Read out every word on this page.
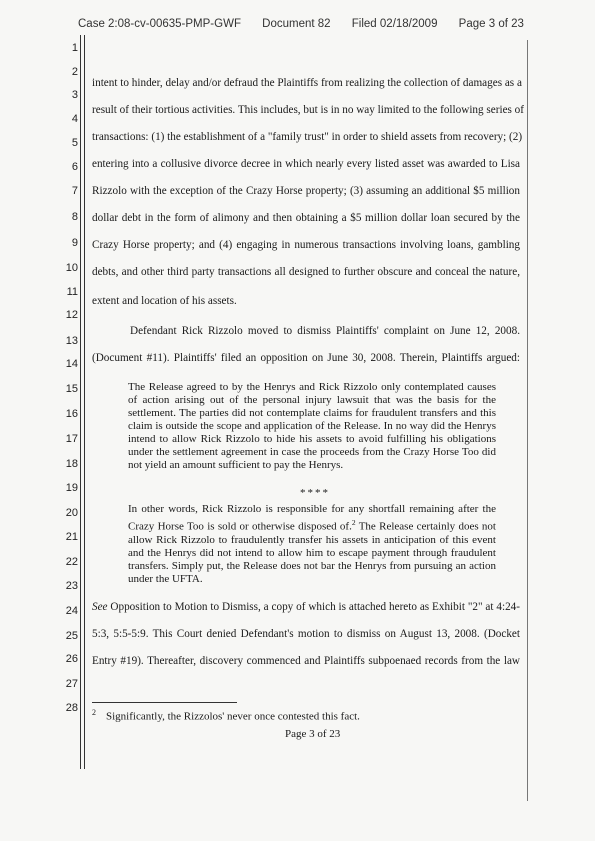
Case 2:08-cv-00635-PMP-GWF Document 82 Filed 02/18/2009 Page 3 of 23
1
2
3
4
5
6
7
8
9
10
11
12
13
14
15
16
17
18
19
20
21
22
23
24
25
26
27
28
intent to hinder, delay and/or defraud the Plaintiffs from realizing the collection of damages as a
result of their tortious activities. This includes, but is in no way limited to the following series of
transactions: (1) the establishment of a "family trust" in order to shield assets from recovery; (2)
entering into a collusive divorce decree in which nearly every listed asset was awarded to Lisa
Rizzolo with the exception of the Crazy Horse property; (3) assuming an additional $5 million
dollar debt in the form of alimony and then obtaining a $5 million dollar loan secured by the
Crazy Horse property; and (4) engaging in numerous transactions involving loans, gambling
debts, and other third party transactions all designed to further obscure and conceal the nature,
extent and location of his assets.
Defendant Rick Rizzolo moved to dismiss Plaintiffs' complaint on June 12, 2008.
(Document #11). Plaintiffs' filed an opposition on June 30, 2008. Therein, Plaintiffs argued:
The Release agreed to by the Henrys and Rick Rizzolo only contemplated causes of action arising out of the personal injury lawsuit that was the basis for the settlement. The parties did not contemplate claims for fraudulent transfers and this claim is outside the scope and application of the Release. In no way did the Henrys intend to allow Rick Rizzolo to hide his assets to avoid fulfilling his obligations under the settlement agreement in case the proceeds from the Crazy Horse Too did not yield an amount sufficient to pay the Henrys.
****
In other words, Rick Rizzolo is responsible for any shortfall remaining after the Crazy Horse Too is sold or otherwise disposed of.$^2$ The Release certainly does not allow Rick Rizzolo to fraudulently transfer his assets in anticipation of this event and the Henrys did not intend to allow him to escape payment through fraudulent transfers. Simply put, the Release does not bar the Henrys from pursuing an action under the UFTA.
See Opposition to Motion to Dismiss, a copy of which is attached hereto as Exhibit "2" at 4:24-
5:3, 5:5-5:9. This Court denied Defendant's motion to dismiss on August 13, 2008. (Docket
Entry #19). Thereafter, discovery commenced and Plaintiffs subpoenaed records from the law
$^2$ Significantly, the Rizzolos' never once contested this fact.
Page 3 of 23
